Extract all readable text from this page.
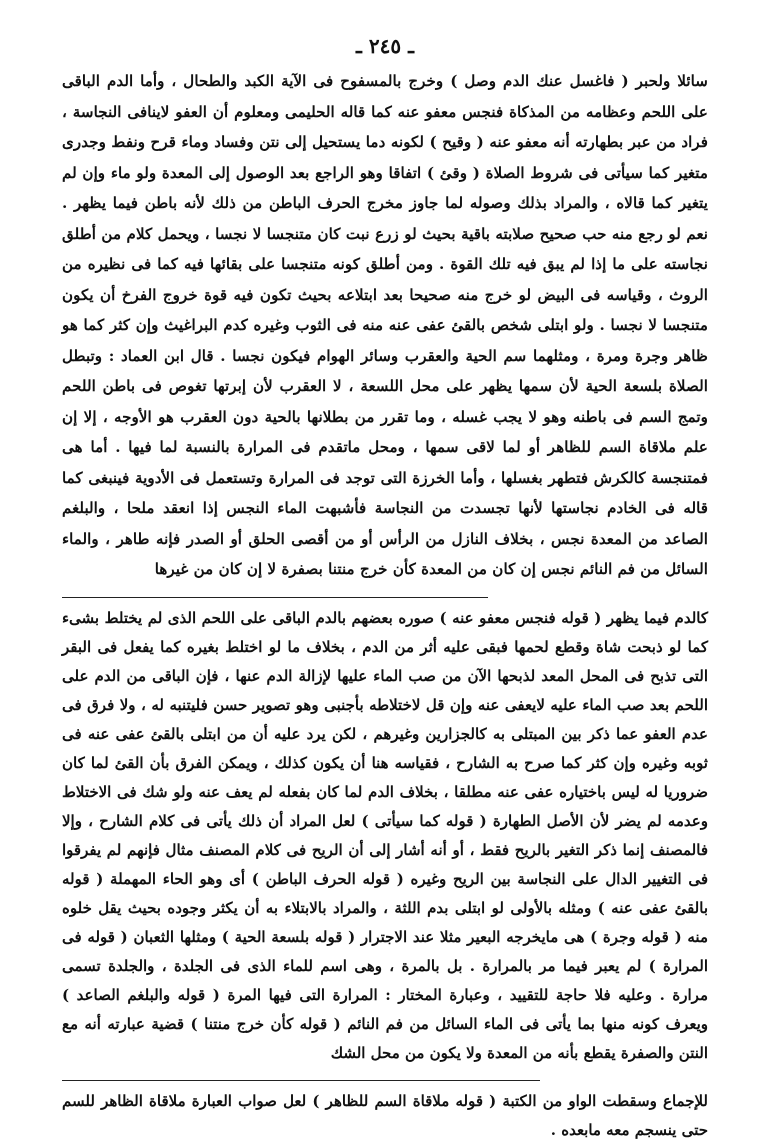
ـ ٢٤٥ ـ

سائلا ولحبر ( فاغسل عنك الدم وصل ) وخرج بالمسفوح فى الآية الكبد والطحال ، وأما الدم الباقى على اللحم وعظامه من المذكاة فنجس معفو عنه كما قاله الحليمى ومعلوم أن العفو لاينافى النجاسة ، فراد من عبر بطهارته أنه معفو عنه ( وقيح ) لكونه دما يستحيل إلى نتن وفساد وماء قرح ونفط وجدرى متغير كما سيأتى فى شروط الصلاة ( وقئ ) اتفاقا وهو الراجع بعد الوصول إلى المعدة ولو ماء وإن لم يتغير كما قالاه ، والمراد بذلك وصوله لما جاوز مخرج الحرف الباطن من ذلك لأنه باطن فيما يظهر . نعم لو رجع منه حب صحيح صلابته باقية بحيث لو زرع نبت كان متنجسا لا نجسا ، ويحمل كلام من أطلق نجاسته على ما إذا لم يبق فيه تلك القوة . ومن أطلق كونه متنجسا على بقائها فيه كما فى نظيره من الروث ، وقياسه فى البيض لو خرج منه صحيحا بعد ابتلاعه بحيث تكون فيه قوة خروج الفرخ أن يكون متنجسا لا نجسا . ولو ابتلى شخص بالقئ عفى عنه منه فى الثوب وغيره كدم البراغيث وإن كثر كما هو ظاهر وجرة ومرة ، ومثلهما سم الحية والعقرب وسائر الهوام فيكون نجسا . قال ابن العماد : وتبطل الصلاة بلسعة الحية لأن سمها يظهر على محل اللسعة ، لا العقرب لأن إبرتها تغوص فى باطن اللحم وتمج السم فى باطنه وهو لا يجب غسله ، وما تقرر من بطلانها بالحية دون العقرب هو الأوجه ، إلا إن علم ملاقاة السم للظاهر أو لما لاقى سمها ، ومحل ماتقدم فى المرارة بالنسبة لما فيها . أما هى فمتنجسة كالكرش فتطهر بغسلها ، وأما الخرزة التى توجد فى المرارة وتستعمل فى الأدوية فينبغى كما قاله فى الخادم نجاستها لأنها تجسدت من النجاسة فأشبهت الماء النجس إذا انعقد ملحا ، والبلغم الصاعد من المعدة نجس ، بخلاف النازل من الرأس أو من أقصى الحلق أو الصدر فإنه طاهر ، والماء السائل من فم النائم نجس إن كان من المعدة كأن خرج منتنا بصفرة لا إن كان من غيرها

كالدم فيما يظهر ( قوله فنجس معفو عنه ) صوره بعضهم بالدم الباقى على اللحم الذى لم يختلط بشىء كما لو ذبحت شاة وقطع لحمها فبقى عليه أثر من الدم ، بخلاف ما لو اختلط بغيره كما يفعل فى البقر التى تذبح فى المحل المعد لذبحها الآن من صب الماء عليها لإزالة الدم عنها ، فإن الباقى من الدم على اللحم بعد صب الماء عليه لايعفى عنه وإن قل لاختلاطه بأجنبى وهو تصوير حسن فليتنبه له ، ولا فرق فى عدم العفو عما ذكر بين المبتلى به كالجزارين وغيرهم ، لكن يرد عليه أن من ابتلى بالقئ عفى عنه فى ثوبه وغيره وإن كثر كما صرح به الشارح ، فقياسه هنا أن يكون كذلك ، ويمكن الفرق بأن القئ لما كان ضروريا له ليس باختياره عفى عنه مطلقا ، بخلاف الدم لما كان بفعله لم يعف عنه ولو شك فى الاختلاط وعدمه لم يضر لأن الأصل الطهارة ( قوله كما سيأتى ) لعل المراد أن ذلك يأتى فى كلام الشارح ، وإلا فالمصنف إنما ذكر التغير بالريح فقط ، أو أنه أشار إلى أن الريح فى كلام المصنف مثال فإنهم لم يفرقوا فى التغيير الدال على النجاسة بين الريح وغيره ( قوله الحرف الباطن ) أى وهو الحاء المهملة ( قوله بالقئ عفى عنه ) ومثله بالأولى لو ابتلى بدم اللثة ، والمراد بالابتلاء به أن يكثر وجوده بحيث يقل خلوه منه ( قوله وجرة ) هى مايخرجه البعير مثلا عند الاجترار ( قوله بلسعة الحية ) ومثلها الثعبان ( قوله فى المرارة ) لم يعبر فيما مر بالمرارة . بل بالمرة ، وهى اسم للماء الذى فى الجلدة ، والجلدة تسمى مرارة . وعليه فلا حاجة للتقييد ، وعبارة المختار : المرارة التى فيها المرة ( قوله والبلغم الصاعد ) ويعرف كونه منها بما يأتى فى الماء السائل من فم النائم ( قوله كأن خرج منتنا ) قضية عبارته أنه مع النتن والصفرة يقطع بأنه من المعدة ولا يكون من محل الشك

للإجماع وسقطت الواو من الكتبة ( قوله ملاقاة السم للظاهر ) لعل صواب العبارة ملاقاة الظاهر للسم حتى ينسجم معه مابعده .
